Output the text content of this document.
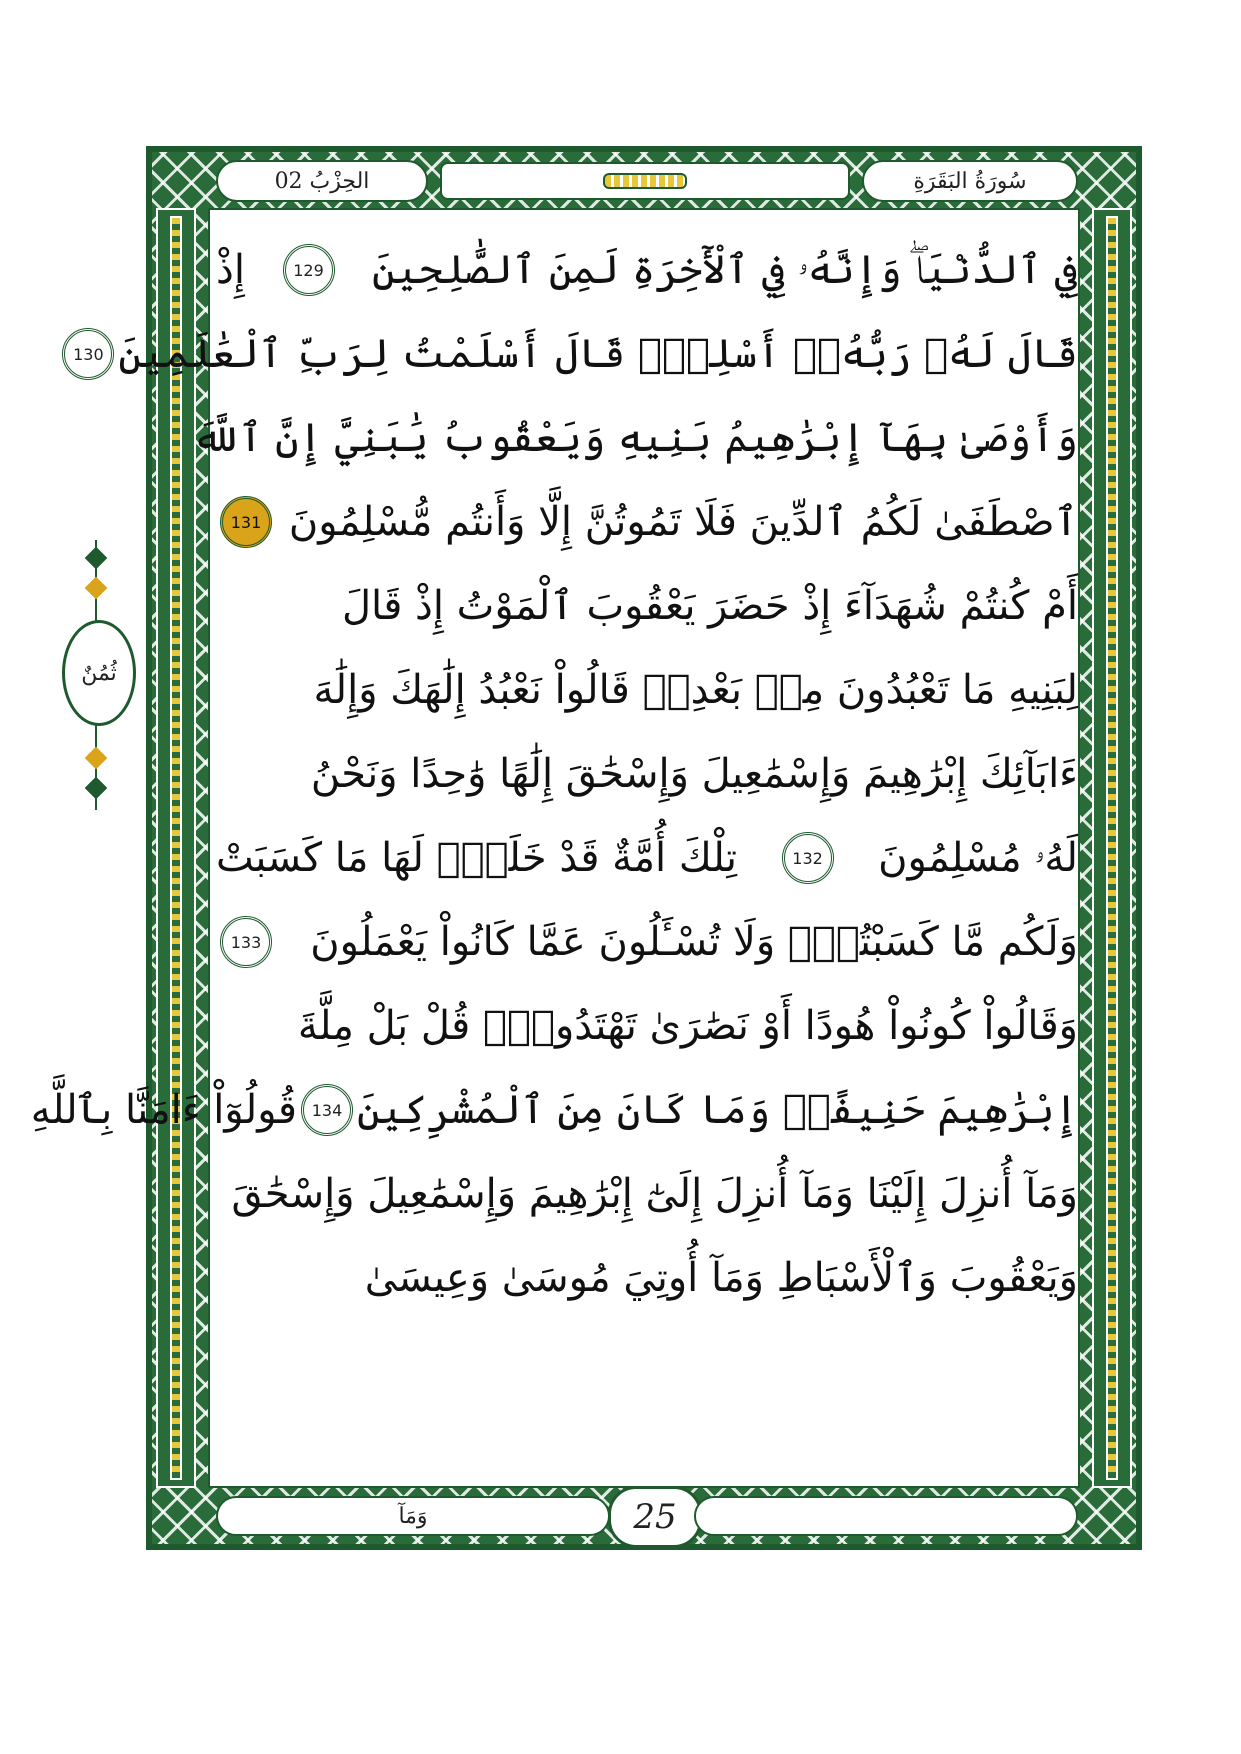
الحِزْبُ 02	سُورَةُ البَقَرَةِ
فِي ٱلدُّنْيَاۖ وَإِنَّهُۥ فِي ٱلْأٓخِرَةِ لَمِنَ ٱلصَّٰلِحِينَ
129
إِذْ
قَالَ لَهُۥ رَبُّهُۥٓ أَسْلِمْۖ قَالَ أَسْلَمْتُ لِرَبِّ ٱلْعَٰلَمِينَ
130
وَأَوْصَىٰ بِهَآ إِبْرَٰهِيمُ بَنِيهِ وَيَعْقُوبُ يَٰبَنِيَّ إِنَّ ٱللَّهَ
ٱصْطَفَىٰ لَكُمُ ٱلدِّينَ فَلَا تَمُوتُنَّ إِلَّا وَأَنتُم مُّسْلِمُونَ
131
أَمْ كُنتُمْ شُهَدَآءَ إِذْ حَضَرَ يَعْقُوبَ ٱلْمَوْتُ إِذْ قَالَ
لِبَنِيهِ مَا تَعْبُدُونَ مِنۢ بَعْدِيۖ قَالُواْ نَعْبُدُ إِلَٰهَكَ وَإِلَٰهَ
ءَابَآئِكَ إِبْرَٰهِيمَ وَإِسْمَٰعِيلَ وَإِسْحَٰقَ إِلَٰهًا وَٰحِدًا وَنَحْنُ
لَهُۥ مُسْلِمُونَ
132
تِلْكَ أُمَّةٌ قَدْ خَلَتْۖ لَهَا مَا كَسَبَتْ
وَلَكُم مَّا كَسَبْتُمْۖ وَلَا تُسْـَٔلُونَ عَمَّا كَانُواْ يَعْمَلُونَ
133
وَقَالُواْ كُونُواْ هُودًا أَوْ نَصَٰرَىٰ تَهْتَدُواْۗ قُلْ بَلْ مِلَّةَ
إِبْرَٰهِيمَ حَنِيفًاۖ وَمَا كَانَ مِنَ ٱلْمُشْرِكِينَ
134
قُولُوٓاْ ءَامَنَّا بِٱللَّهِ
وَمَآ أُنزِلَ إِلَيْنَا وَمَآ أُنزِلَ إِلَىٰٓ إِبْرَٰهِيمَ وَإِسْمَٰعِيلَ وَإِسْحَٰقَ
وَيَعْقُوبَ وَٱلْأَسْبَاطِ وَمَآ أُوتِيَ مُوسَىٰ وَعِيسَىٰ
وَمَآ	25
ثُمُنٌ
